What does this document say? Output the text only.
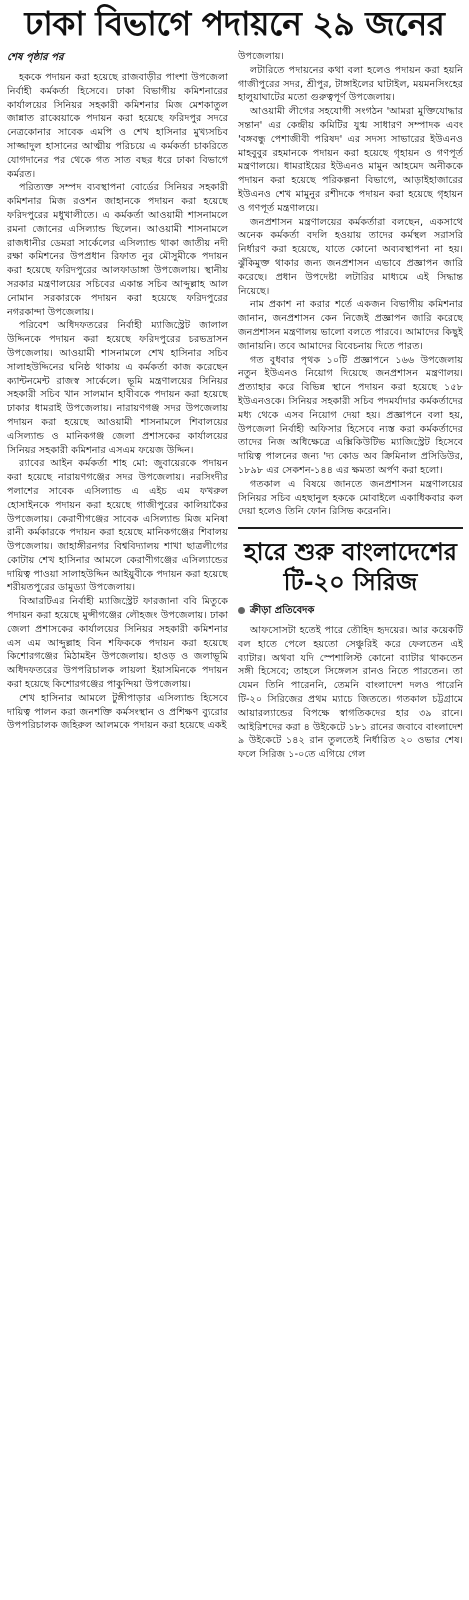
ঢাকা বিভাগে পদায়নে ২৯ জনের
শেষ পৃষ্ঠার পর

হককে পদায়ন করা হয়েছে রাজবাড়ীর পাংশা উপজেলা নির্বাহী কর্মকর্তা হিসেবে। ঢাকা বিভাগীয় কমিশনারের কার্যালয়ের সিনিয়র সহকারী কমিশনার মিজ মেশকাতুল জান্নাত রাব্বেয়াকে পদায়ন করা হয়েছে ফরিদপুর সদরে নেত্রকোনার সাবেক এমপি ও শেখ হাসিনার মুখ্যসচিব সাজ্জাদুল হাসানের আত্মীয় পরিচয়ে এ কর্মকর্তা চাকরিতে যোগদানের পর থেকে গত সাত বছর ধরে ঢাকা বিভাগে কর্মরত।

পরিত্যক্ত সম্পদ ব্যবস্থাপনা বোর্ডের সিনিয়র সহকারী কমিশনার মিজ রওশন জাহানকে পদায়ন করা হয়েছে ফরিদপুরের মধুখালীতে। এ কর্মকর্তা আওয়ামী শাসনামলে রমনা জোনের এসিল্যান্ড ছিলেন। আওয়ামী শাসনামলে রাজধানীর ডেমরা সার্কেলের এসিল্যান্ড থাকা জাতীয় নদী রক্ষা কমিশনের উপপ্রধান রিফাত নুর মৌসুমীকে পদায়ন করা হয়েছে ফরিদপুরের আলফাডাঙ্গা উপজেলায়। স্থানীয় সরকার মন্ত্রণালয়ের সচিবের একান্ত সচিব আব্দুল্লাহ আল নোমান সরকারকে পদায়ন করা হয়েছে ফরিদপুরের নগরকান্দা উপজেলায়।

পরিবেশ অধিদফতরের নির্বাহী ম্যাজিস্ট্রেট জালাল উদ্দিনকে পদায়ন করা হয়েছে ফরিদপুরের চরভদ্রাসন উপজেলায়। আওয়ামী শাসনামলে শেখ হাসিনার সচিব সালাহউদ্দিনের ঘনিষ্ঠ থাকায় এ কর্মকর্তা কাজ করেছেন ক্যান্টনমেন্ট রাজস্ব সার্কেলে। ভূমি মন্ত্রণালয়ের সিনিয়র সহকারী সচিব খান সালমান হাবীবকে পদায়ন করা হয়েছে ঢাকার ধামরাই উপজেলায়। নারায়ণগঞ্জ সদর উপজেলায় পদায়ন করা হয়েছে আওয়ামী শাসনামলে শিবালয়ের এসিল্যান্ড ও মানিকগঞ্জ জেলা প্রশাসকের কার্যালয়ের সিনিয়র সহকারী কমিশনার এসএম ফয়েজ উদ্দিন।

র‌্যাবের আইন কর্মকর্তা শাহ মো: জুবায়েরকে পদায়ন করা হয়েছে নারায়ণগঞ্জের সদর উপজেলায়। নরসিংদীর পলাশের সাবেক এসিল্যান্ড এ এইচ এম ফখরুল হোসাইনকে পদায়ন করা হয়েছে গাজীপুরের কালিয়াকৈর উপজেলায়। কেরাণীগঞ্জের সাবেক এসিল্যান্ড মিজ মনিষা রানী কর্মকারকে পদায়ন করা হয়েছে মানিকগঞ্জের শিবালয় উপজেলায়। জাহাঙ্গীরনগর বিশ্ববিদ্যালয় শাখা ছাত্রলীগের কোটায় শেখ হাসিনার আমলে কেরাণীগঞ্জের এসিল্যান্ডের দায়িত্ব পাওয়া সালাহউদ্দিন আইয়ুবীকে পদায়ন করা হয়েছে শরীয়তপুরের ডামুড্যা উপজেলায়।

বিআরটিএর নির্বাহী ম্যাজিস্ট্রেট ফারজানা ববি মিতুকে পদায়ন করা হয়েছে মুন্সীগঞ্জের লৌহজং উপজেলায়। ঢাকা জেলা প্রশাসকের কার্যালয়ের সিনিয়র সহকারী কমিশনার এস এম আব্দুল্লাহ বিন শফিককে পদায়ন করা হয়েছে কিশোরগঞ্জের মিঠামইন উপজেলায়। হাওড় ও জলাভূমি অধিদফতরের উপপরিচালক লায়লা ইয়াসমিনকে পদায়ন করা হয়েছে কিশোরগঞ্জের পাকুন্দিয়া উপজেলায়।

শেখ হাসিনার আমলে টুঙ্গীপাড়ার এসিল্যান্ড হিসেবে দায়িত্ব পালন করা জনশক্তি কর্মসংস্থান ও প্রশিক্ষণ ব্যুরোর উপপরিচালক জহিরুল আলমকে পদায়ন করা হয়েছে একই

উপজেলায়।

লটারিতে পদায়নের কথা বলা হলেও পদায়ন করা হয়নি গাজীপুরের সদর, শ্রীপুর, টাঙ্গাইলের ঘাটাইল, ময়মনসিংহের হালুয়াঘাটের মতো গুরুত্বপূর্ণ উপজেলায়।

আওয়ামী লীগের সহযোগী সংগঠন 'আমরা মুক্তিযোদ্ধার সন্তান' এর কেন্দ্রীয় কমিটির যুগ্ম সাধারণ সম্পাদক এবং 'বঙ্গবন্ধু পেশাজীবী পরিষদ' এর সদস্য সাভারের ইউএনও মাহবুবুর রহমানকে পদায়ন করা হয়েছে গৃহায়ন ও গণপূর্ত মন্ত্রণালয়ে। ধামরাইয়ের ইউএনও মামুন আহমেদ অনীককে পদায়ন করা হয়েছে পরিকল্পনা বিভাগে, আড়াইহাজারের ইউএনও শেখ মামুনুর রশীদকে পদায়ন করা হয়েছে গৃহায়ন ও গণপূর্ত মন্ত্রণালয়ে।

জনপ্রশাসন মন্ত্রণালয়ের কর্মকর্তারা বলছেন, একসাথে অনেক কর্মকর্তা বদলি হওয়ায় তাদের কর্মস্থল সরাসরি নির্ধারণ করা হয়েছে, যাতে কোনো অব্যবস্থাপনা না হয়। ঝুঁকিমুক্ত থাকার জন্য জনপ্রশাসন এভাবে প্রজ্ঞাপন জারি করেছে। প্রধান উপদেষ্টা লটারির মাধ্যমে এই সিদ্ধান্ত নিয়েছে।

নাম প্রকাশ না করার শর্তে একজন বিভাগীয় কমিশনার জানান, জনপ্রশাসন কেন নিজেই প্রজ্ঞাপন জারি করেছে জনপ্রশাসন মন্ত্রণালয় ভালো বলতে পারবে। আমাদের কিছুই জানায়নি। তবে আমাদের বিবেচনায় দিতে পারত।

গত বুধবার পৃথক ১০টি প্রজ্ঞাপনে ১৬৬ উপজেলায় নতুন ইউএনও নিয়োগ দিয়েছে জনপ্রশাসন মন্ত্রণালয়। প্রত্যাহার করে বিভিন্ন স্থানে পদায়ন করা হয়েছে ১৫৮ ইউএনওকে। সিনিয়র সহকারী সচিব পদমর্যাদার কর্মকর্তাদের মধ্য থেকে এসব নিয়োগ দেয়া হয়। প্রজ্ঞাপনে বলা হয়, উপজেলা নির্বাহী অফিসার হিসেবে ন্যস্ত করা কর্মকর্তাদের তাদের নিজ অধিক্ষেত্রে এক্সিকিউটিভ ম্যাজিস্ট্রেট হিসেবে দায়িত্ব পালনের জন্য 'দ্য কোড অব ক্রিমিনাল প্রসিডিউর, ১৮৯৮ এর সেকশন-১৪৪ এর ক্ষমতা অর্পণ করা হলো।

গতকাল এ বিষয়ে জানতে জনপ্রশাসন মন্ত্রণালয়ের সিনিয়র সচিব এহছানুল হককে মোবাইলে একাধিকবার কল দেয়া হলেও তিনি ফোন রিসিভ করেননি।

হারে শুরু বাংলাদেশের
টি-২০ সিরিজ
ক্রীড়া প্রতিবেদক

আফসোসটা হতেই পারে তৌহিদ হৃদয়ের। আর কয়েকটি বল হাতে পেলে হয়তো সেঞ্চুরিই করে ফেলতেন এই ব্যাটার। অথবা যদি স্পেশালিস্ট কোনো ব্যাটার থাকতেন সঙ্গী হিসেবে; তাহলে সিঙ্গেলস রানও নিতে পারতেন। তা যেমন তিনি পারেননি, তেমনি বাংলাদেশ দলও পারেনি টি-২০ সিরিজের প্রথম ম্যাচে জিততে। গতকাল চট্টগ্রামে আয়ারল্যান্ডের বিপক্ষে স্বাগতিকদের হার ৩৯ রানে। আইরিশদের করা ৪ উইকেটে ১৮১ রানের জবাবে বাংলাদেশ ৯ উইকেটে ১৪২ রান তুলতেই নির্ধারিত ২০ ওভার শেষ। ফলে সিরিজ ১-০তে এগিয়ে গেল
